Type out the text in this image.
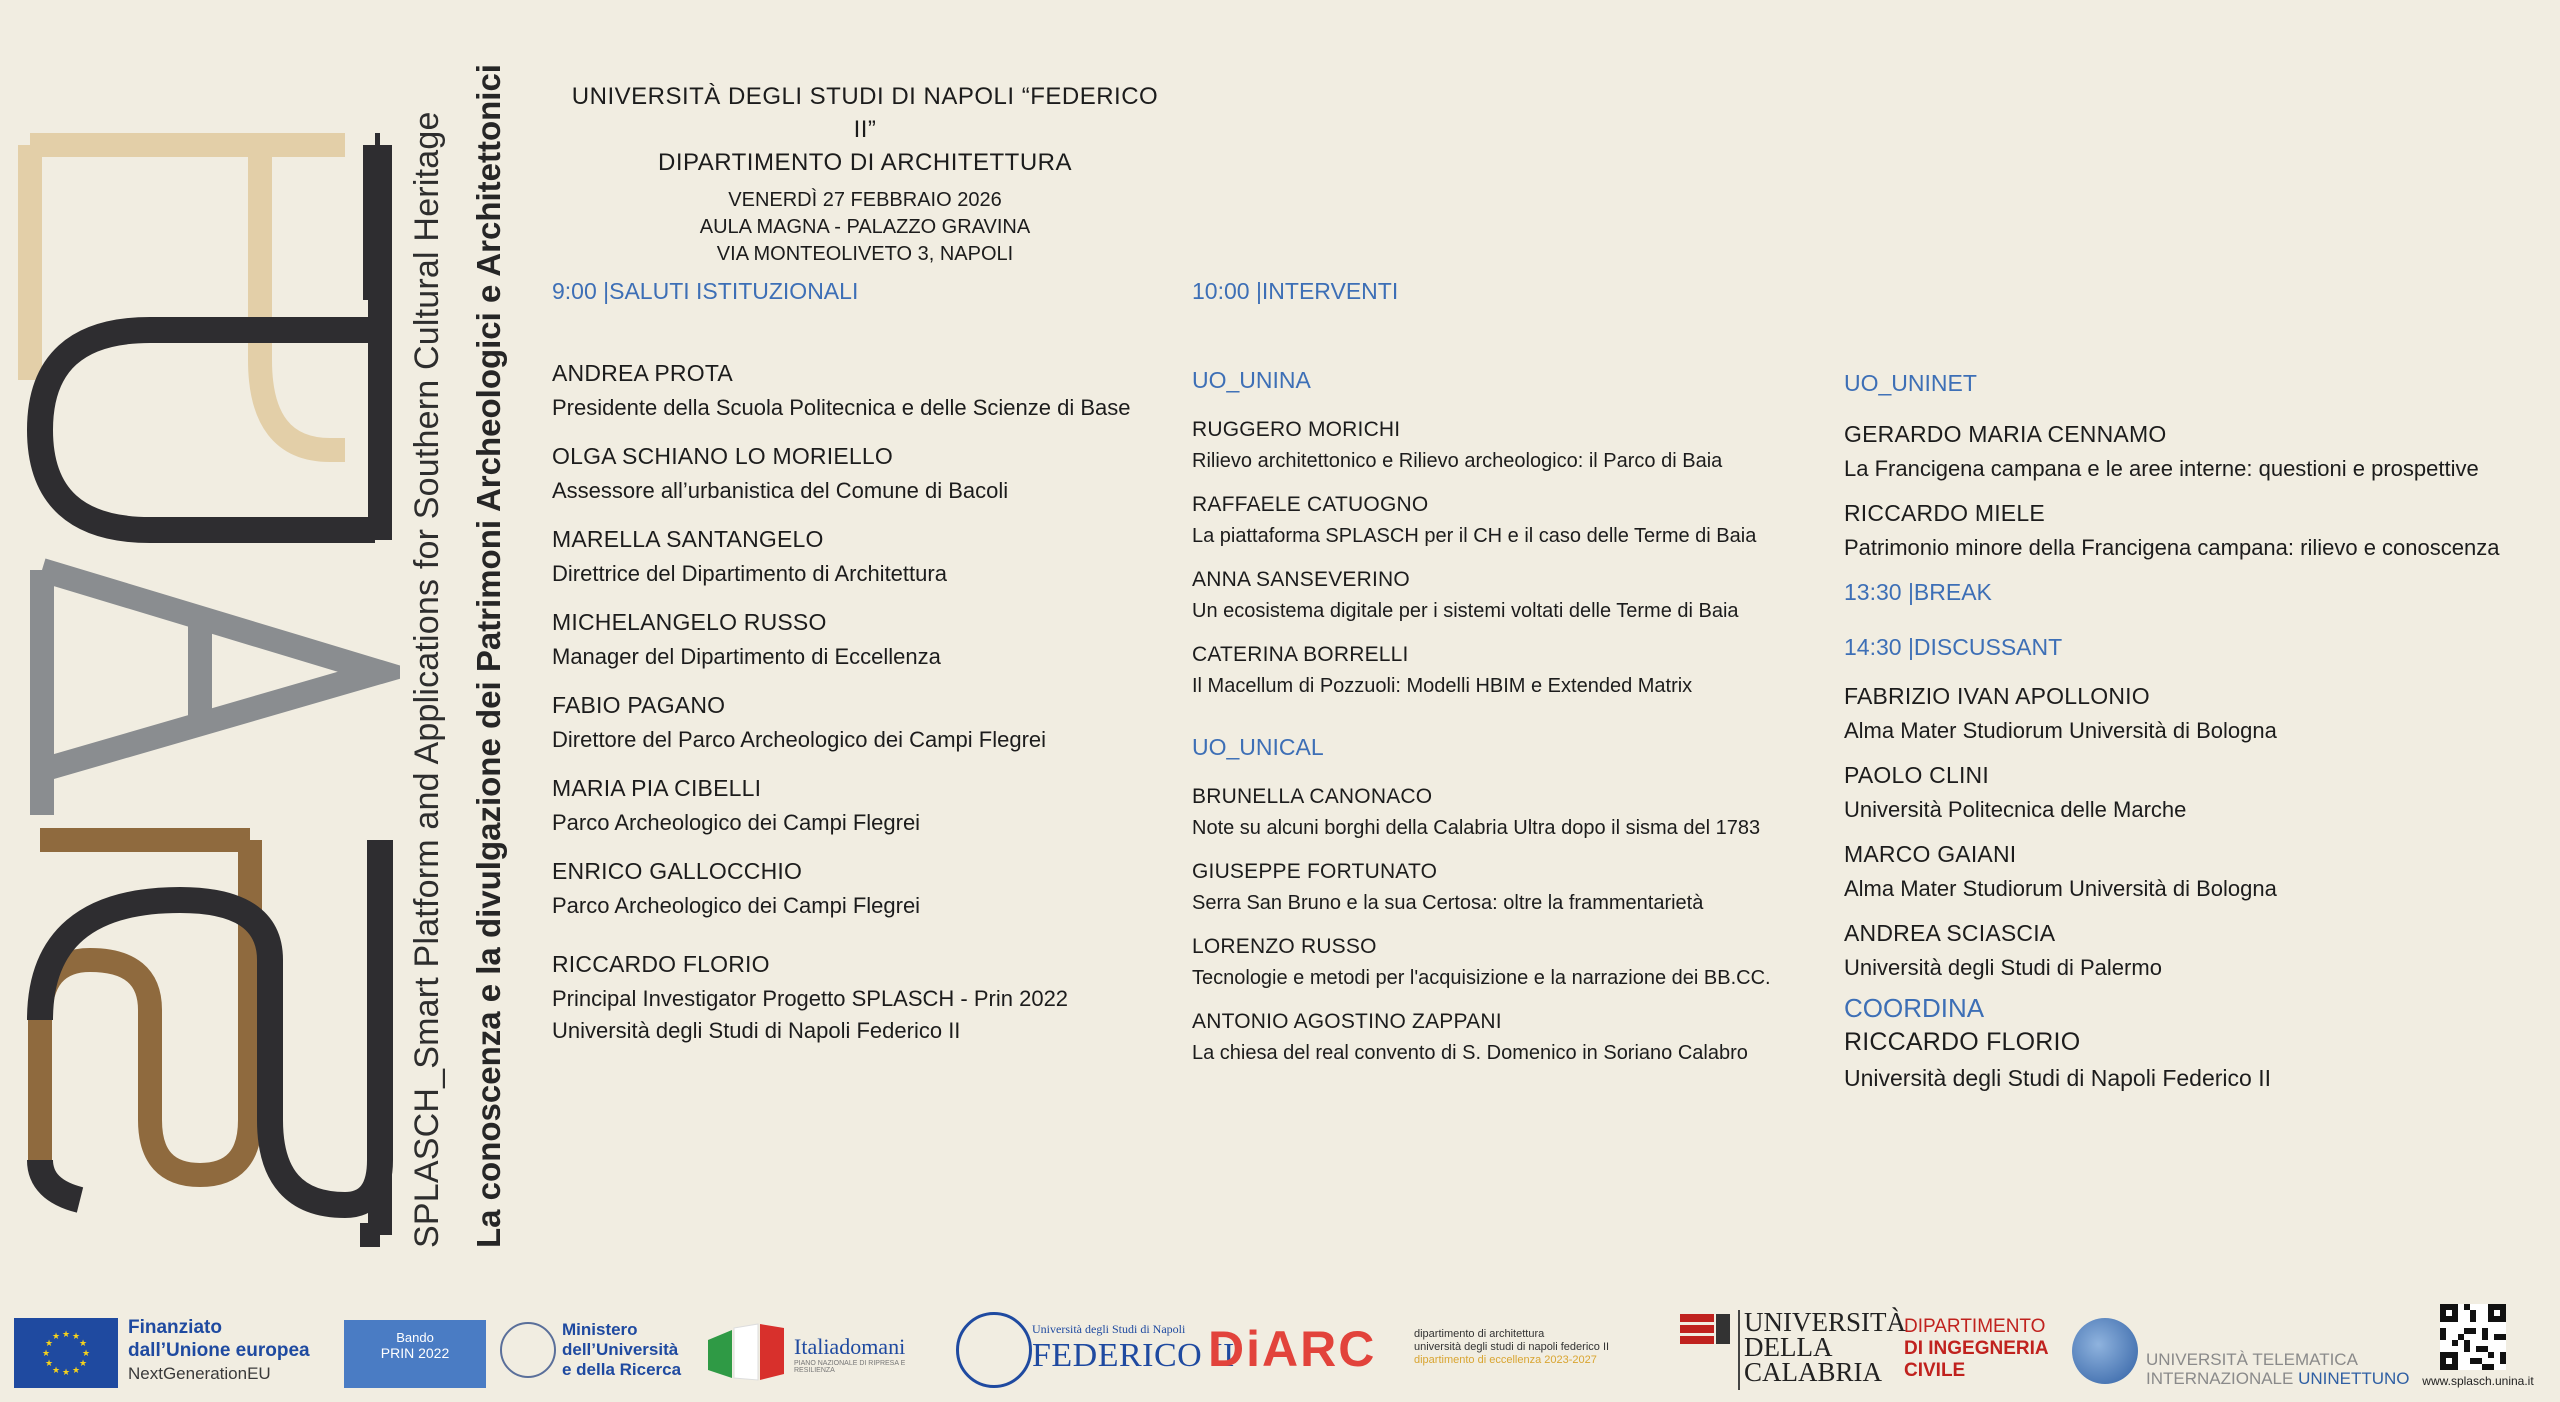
SPLASCH_Smart Platform and Applications for Southern Cultural Heritage La conoscenza e la divulgazione dei Patrimoni Archeologici e Architettonici	UNIVERSITÀ DEGLI STUDI DI NAPOLI “FEDERICO II”
DIPARTIMENTO DI ARCHITETTURA
VENERDÌ 27 FEBBRAIO 2026
AULA MAGNA - PALAZZO GRAVINA
VIA MONTEOLIVETO 3, NAPOLI
9:00 |SALUTI ISTITUZIONALI
ANDREA PROTA
Presidente della Scuola Politecnica e delle Scienze di Base
OLGA SCHIANO LO MORIELLO
Assessore all’urbanistica del Comune di Bacoli
MARELLA SANTANGELO
Direttrice del Dipartimento di Architettura
MICHELANGELO RUSSO
Manager del Dipartimento di Eccellenza
FABIO PAGANO
Direttore del Parco Archeologico dei Campi Flegrei
MARIA PIA CIBELLI
Parco Archeologico dei Campi Flegrei
ENRICO GALLOCCHIO
Parco Archeologico dei Campi Flegrei
RICCARDO FLORIO
Principal Investigator Progetto SPLASCH - Prin 2022
Università degli Studi di Napoli Federico II
10:00 |INTERVENTI
UO_UNINA
RUGGERO MORICHI
Rilievo architettonico e Rilievo archeologico: il Parco di Baia
RAFFAELE CATUOGNO
La piattaforma SPLASCH per il CH e il caso delle Terme di Baia
ANNA SANSEVERINO
Un ecosistema digitale per i sistemi voltati delle Terme di Baia
CATERINA BORRELLI
Il Macellum di Pozzuoli: Modelli HBIM e Extended Matrix
UO_UNICAL
BRUNELLA CANONACO
Note su alcuni borghi della Calabria Ultra dopo il sisma del 1783
GIUSEPPE FORTUNATO
Serra San Bruno e la sua Certosa: oltre la frammentarietà
LORENZO RUSSO
Tecnologie e metodi per l'acquisizione e la narrazione dei BB.CC.
ANTONIO AGOSTINO ZAPPANI
La chiesa del real convento di S. Domenico in Soriano Calabro
UO_UNINET
GERARDO MARIA CENNAMO
La Francigena campana e le aree interne: questioni e prospettive
RICCARDO MIELE
Patrimonio minore della Francigena campana: rilievo e conoscenza
13:30 |BREAK
14:30 |DISCUSSANT
FABRIZIO IVAN APOLLONIO
Alma Mater Studiorum Università di Bologna
PAOLO CLINI
Università Politecnica delle Marche
MARCO GAIANI
Alma Mater Studiorum Università di Bologna
ANDREA SCIASCIA
Università degli Studi di Palermo
COORDINA
RICCARDO FLORIO
Università degli Studi di Napoli Federico II
★ ★
★
★
★
★
★
★
★
★
★
★	Finanziato
dall’Unione europea
NextGenerationEU
Bando
PRIN 2022
Ministero
dell’Università
e della Ricerca
Italiadomani
PIANO NAZIONALE DI RIPRESA E RESILIENZA
Università degli Studi di Napoli
FEDERICO II
DiARC	dipartimento di architettura
università degli studi di napoli federico II
dipartimento di eccellenza 2023-2027
UNIVERSITÀ
DELLA
CALABRIA
DIPARTIMENTO
DI INGEGNERIA
CIVILE
UNIVERSITÀ TELEMATICA
INTERNAZIONALE UNINETTUNO	www.splasch.unina.it
